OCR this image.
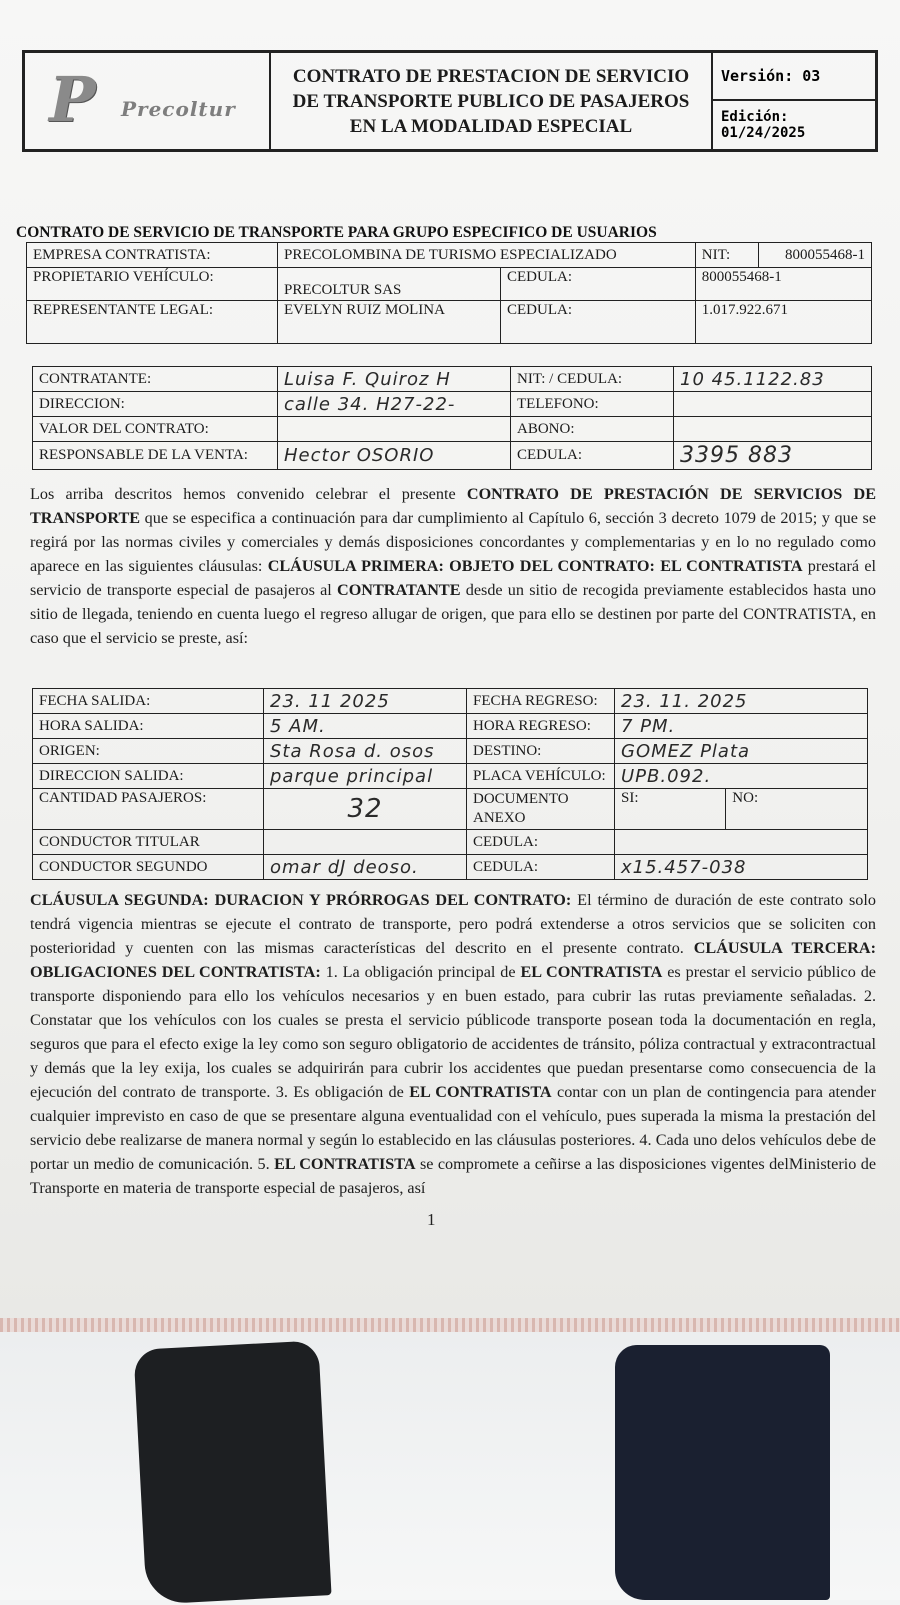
P Precoltur
CONTRATO DE PRESTACION DE SERVICIO
DE TRANSPORTE PUBLICO DE PASAJEROS
EN LA MODALIDAD ESPECIAL
Versión: 03
Edición: 01/24/2025
CONTRATO DE SERVICIO DE TRANSPORTE PARA GRUPO ESPECIFICO DE USUARIOS
EMPRESA CONTRATISTA:	PRECOLOMBINA DE TURISMO ESPECIALIZADO		NIT:	800055468-1
PROPIETARIO VEHÍCULO:	PRECOLTUR SAS	CEDULA:	800055468-1	
REPRESENTANTE LEGAL:	EVELYN RUIZ MOLINA	CEDULA:	1.017.922.671	
CONTRATANTE:	Luisa F. Quiroz H	NIT: / CEDULA:	10 45.1122.83
DIRECCION:	calle 34. H27-22-	TELEFONO:	
VALOR DEL CONTRATO:		ABONO:	
RESPONSABLE DE LA VENTA:	Hector OSORIO	CEDULA:	3395 883

Los arriba descritos hemos convenido celebrar el presente CONTRATO DE PRESTACIÓN DE SERVICIOS DE TRANSPORTE que se especifica a continuación para dar cumplimiento al Capítulo 6, sección 3 decreto 1079 de 2015; y que se regirá por las normas civiles y comerciales y demás disposiciones concordantes y complementarias y en lo no regulado como aparece en las siguientes cláusulas: CLÁUSULA PRIMERA: OBJETO DEL CONTRATO: EL CONTRATISTA prestará el servicio de transporte especial de pasajeros al CONTRATANTE desde un sitio de recogida previamente establecidos hasta uno sitio de llegada, teniendo en cuenta luego el regreso allugar de origen, que para ello se destinen por parte del CONTRATISTA, en caso que el servicio se preste, así:

FECHA SALIDA:	23. 11 2025	FECHA REGRESO:	23. 11. 2025	
HORA SALIDA:	5 AM.	HORA REGRESO:	7 PM.	
ORIGEN:	Sta Rosa d. osos	DESTINO:	GOMEZ Plata	
DIRECCION SALIDA:	parque principal	PLACA VEHÍCULO:	UPB.092.	
CANTIDAD PASAJEROS:	32	DOCUMENTO ANEXO	SI:	NO:
CONDUCTOR TITULAR		CEDULA:		
CONDUCTOR SEGUNDO	omar dJ deoso.	CEDULA:	x15.457-038	

CLÁUSULA SEGUNDA: DURACION Y PRÓRROGAS DEL CONTRATO: El término de duración de este contrato solo tendrá vigencia mientras se ejecute el contrato de transporte, pero podrá extenderse a otros servicios que se soliciten con posterioridad y cuenten con las mismas características del descrito en el presente contrato. CLÁUSULA TERCERA: OBLIGACIONES DEL CONTRATISTA: 1. La obligación principal de EL CONTRATISTA es prestar el servicio público de transporte disponiendo para ello los vehículos necesarios y en buen estado, para cubrir las rutas previamente señaladas. 2. Constatar que los vehículos con los cuales se presta el servicio públicode transporte posean toda la documentación en regla, seguros que para el efecto exige la ley como son seguro obligatorio de accidentes de tránsito, póliza contractual y extracontractual y demás que la ley exija, los cuales se adquirirán para cubrir los accidentes que puedan presentarse como consecuencia de la ejecución del contrato de transporte. 3. Es obligación de EL CONTRATISTA contar con un plan de contingencia para atender cualquier imprevisto en caso de que se presentare alguna eventualidad con el vehículo, pues superada la misma la prestación del servicio debe realizarse de manera normal y según lo establecido en las cláusulas posteriores. 4. Cada uno delos vehículos debe de portar un medio de comunicación. 5. EL CONTRATISTA se compromete a ceñirse a las disposiciones vigentes delMinisterio de Transporte en materia de transporte especial de pasajeros, así

1
